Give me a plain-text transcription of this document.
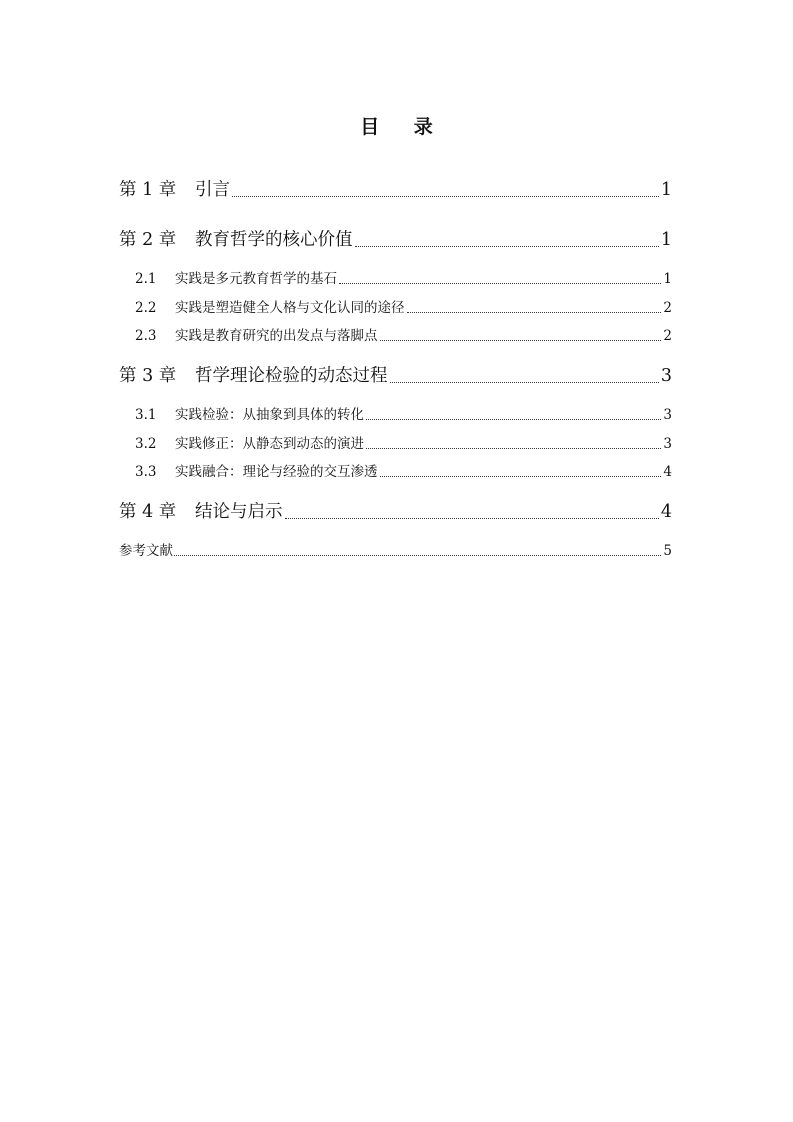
目 录
第 1 章	引言	1
第 2 章	教育哲学的核心价值	1
2.1	实践是多元教育哲学的基石	1
2.2	实践是塑造健全人格与文化认同的途径	2
2.3	实践是教育研究的出发点与落脚点	2
第 3 章	哲学理论检验的动态过程	3
3.1	实践检验：从抽象到具体的转化	3
3.2	实践修正：从静态到动态的演进	3
3.3	实践融合：理论与经验的交互渗透	4
第 4 章	结论与启示	4
参考文献	5
